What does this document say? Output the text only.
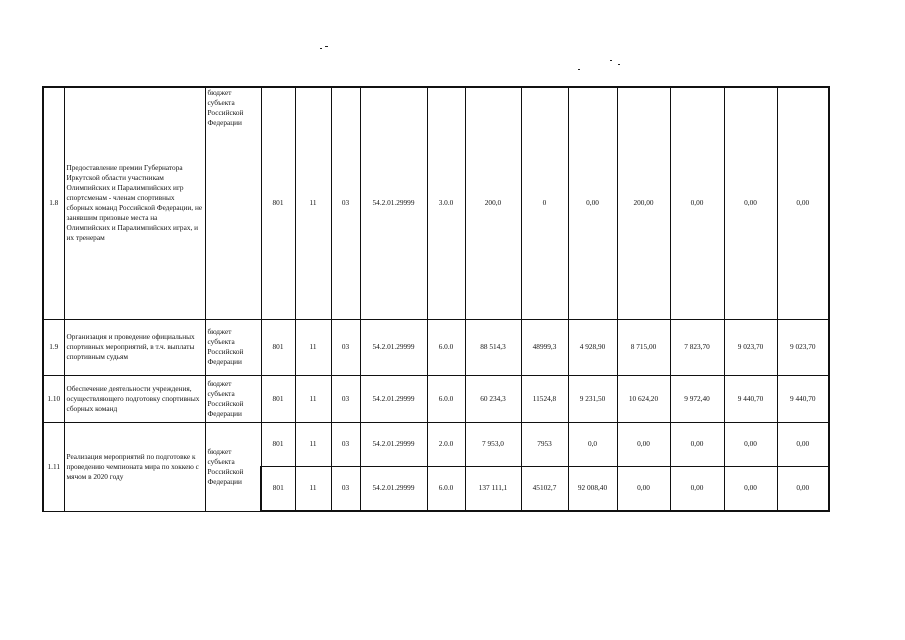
1.8	Предоставление премии Губернатора Иркутской области участникам Олимпийских и Паралимпийских игр спортсменам - членам спортивных сборных команд Российской Федерации, не занявшим призовые места на Олимпийских и Паралимпийских играх, и их тренерам	бюджет субъекта Российской Федерации	801	11	03	54.2.01.29999	3.0.0	200,0	0	0,00	200,00	0,00	0,00	0,00
1.9	Организация и проведение официальных спортивных мероприятий, в т.ч. выплаты спортивным судьям	бюджет субъекта Российской Федерации	801	11	03	54.2.01.29999	6.0.0	88 514,3	48999,3	4 928,90	8 715,00	7 823,70	9 023,70	9 023,70
1.10	Обеспечение деятельности учреждения, осуществляющего подготовку спортивных сборных команд	бюджет субъекта Российской Федерации	801	11	03	54.2.01.29999	6.0.0	60 234,3	11524,8	9 231,50	10 624,20	9 972,40	9 440,70	9 440,70
1.11	Реализация мероприятий по подготовке к проведению чемпионата мира по хоккею с мячом в 2020 году	бюджет субъекта Российской Федерации	801	11	03	54.2.01.29999	2.0.0	7 953,0	7953	0,0	0,00	0,00	0,00	0,00
			801	11	03	54.2.01.29999	6.0.0	137 111,1	45102,7	92 008,40	0,00	0,00	0,00	0,00
